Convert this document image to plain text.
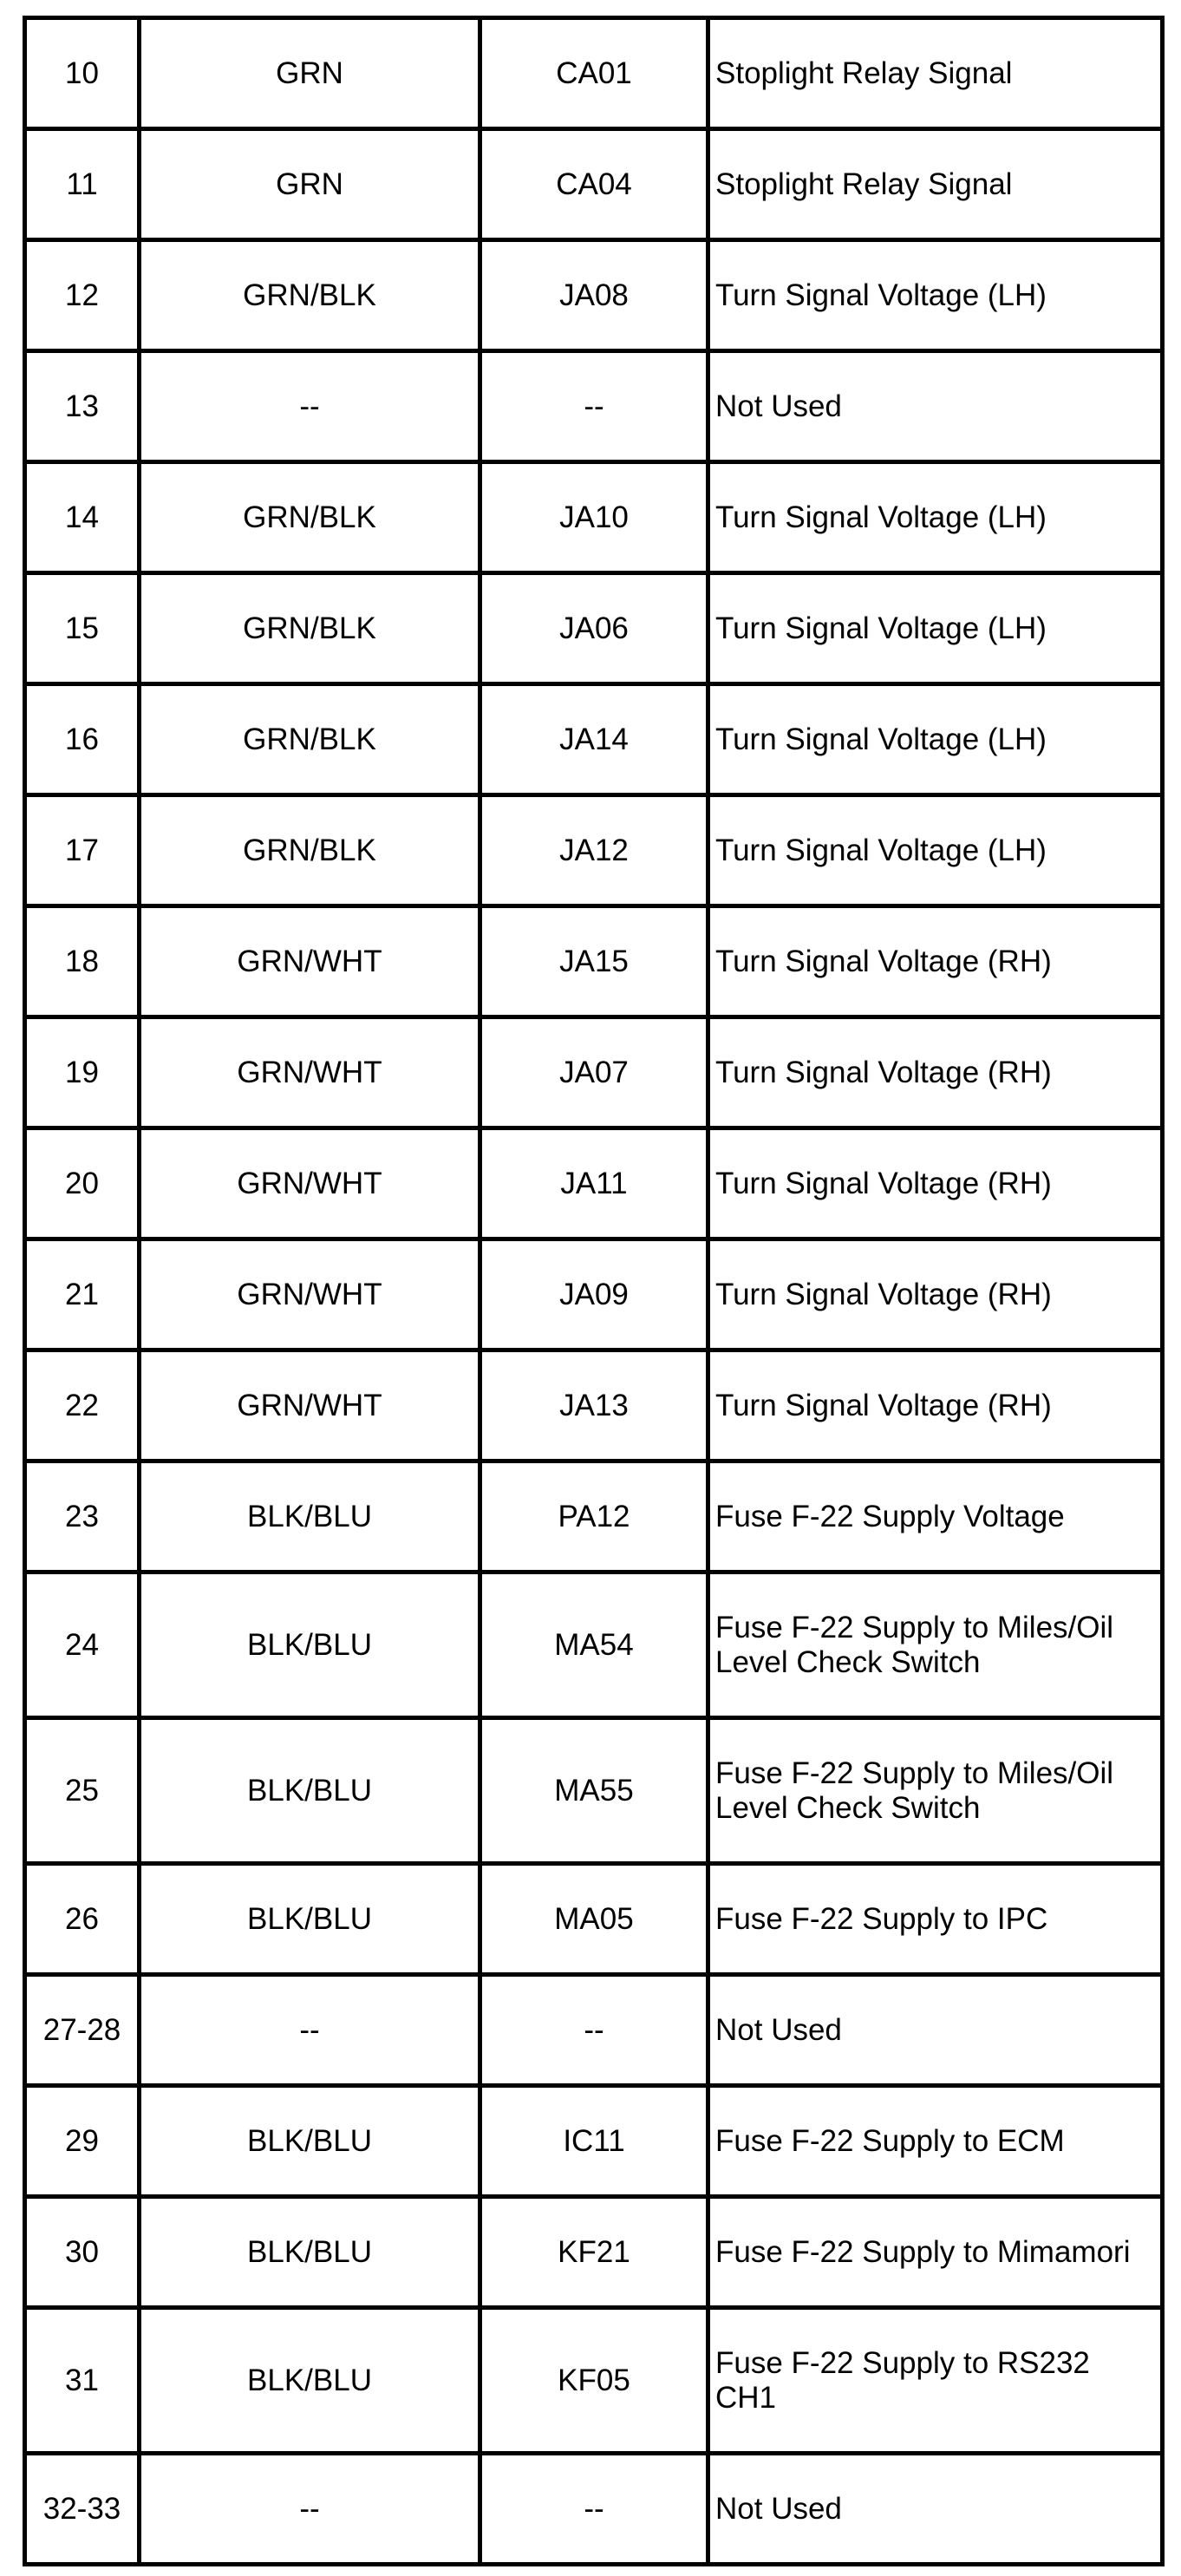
10	GRN	CA01	Stoplight Relay Signal
11	GRN	CA04	Stoplight Relay Signal
12	GRN/BLK	JA08	Turn Signal Voltage (LH)
13	--	--	Not Used
14	GRN/BLK	JA10	Turn Signal Voltage (LH)
15	GRN/BLK	JA06	Turn Signal Voltage (LH)
16	GRN/BLK	JA14	Turn Signal Voltage (LH)
17	GRN/BLK	JA12	Turn Signal Voltage (LH)
18	GRN/WHT	JA15	Turn Signal Voltage (RH)
19	GRN/WHT	JA07	Turn Signal Voltage (RH)
20	GRN/WHT	JA11	Turn Signal Voltage (RH)
21	GRN/WHT	JA09	Turn Signal Voltage (RH)
22	GRN/WHT	JA13	Turn Signal Voltage (RH)
23	BLK/BLU	PA12	Fuse F-22 Supply Voltage
24	BLK/BLU	MA54	Fuse F-22 Supply to Miles/Oil Level Check Switch
25	BLK/BLU	MA55	Fuse F-22 Supply to Miles/Oil Level Check Switch
26	BLK/BLU	MA05	Fuse F-22 Supply to IPC
27-28	--	--	Not Used
29	BLK/BLU	IC11	Fuse F-22 Supply to ECM
30	BLK/BLU	KF21	Fuse F-22 Supply to Mimamori
31	BLK/BLU	KF05	Fuse F-22 Supply to RS232 CH1
32-33	--	--	Not Used
